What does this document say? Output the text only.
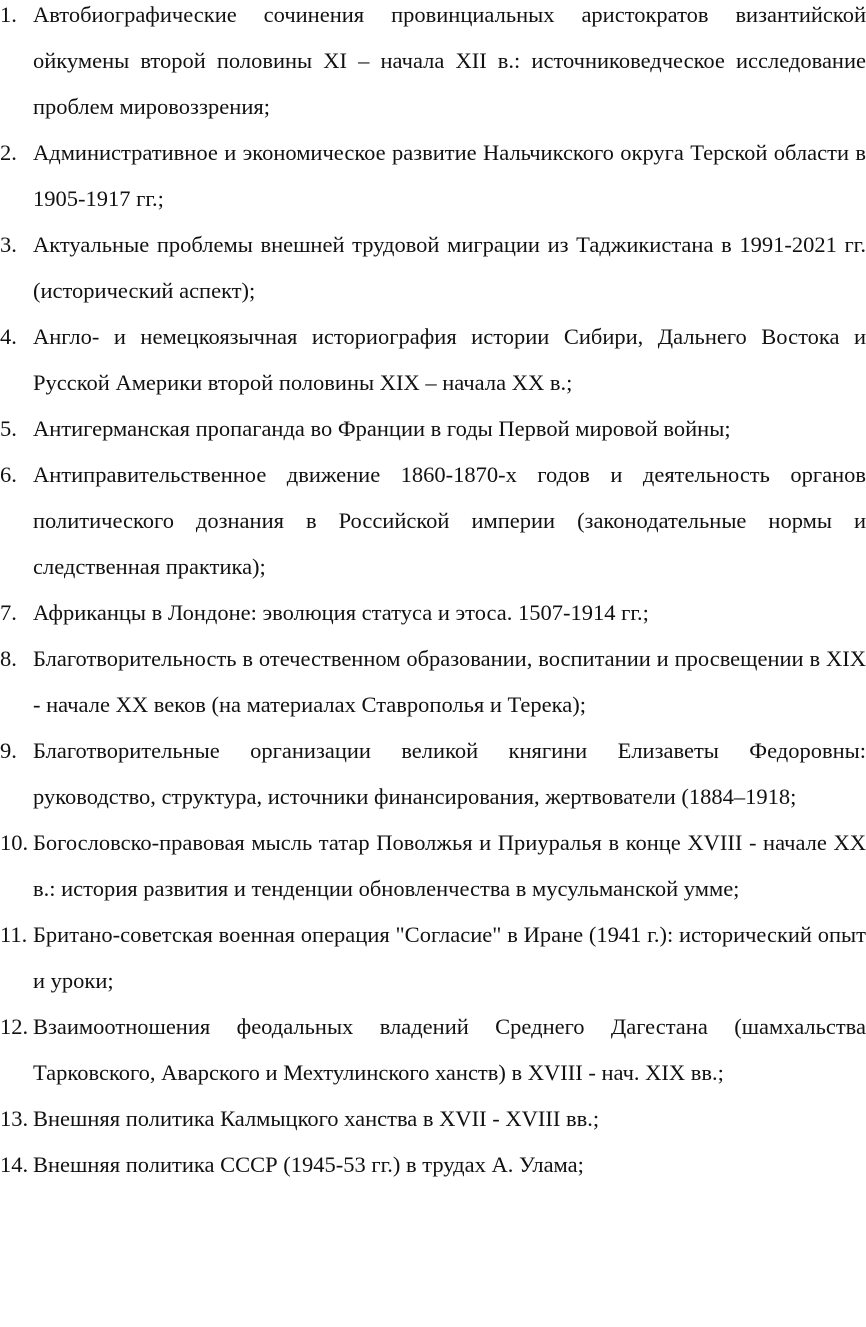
1. Автобиографические сочинения провинциальных аристократов византийской ойкумены второй половины XI – начала XII в.: источниковедческое исследование проблем мировоззрения;
2. Административное и экономическое развитие Нальчикского округа Терской области в 1905-1917 гг.;
3. Актуальные проблемы внешней трудовой миграции из Таджикистана в 1991-2021 гг. (исторический аспект);
4. Англо- и немецкоязычная историография истории Сибири, Дальнего Востока и Русской Америки второй половины XIX – начала XX в.;
5. Антигерманская пропаганда во Франции в годы Первой мировой войны;
6. Антиправительственное движение 1860-1870-х годов и деятельность органов политического дознания в Российской империи (законодательные нормы и следственная практика);
7. Африканцы в Лондоне: эволюция статуса и этоса. 1507-1914 гг.;
8. Благотворительность в отечественном образовании, воспитании и просвещении в XIX - начале XX веков (на материалах Ставрополья и Терека);
9. Благотворительные организации великой княгини Елизаветы Федоровны: руководство, структура, источники финансирования, жертвователи (1884–1918;
10. Богословско-правовая мысль татар Поволжья и Приуралья в конце XVIII - начале XX в.: история развития и тенденции обновленчества в мусульманской умме;
11. Британо-советская военная операция "Согласие" в Иране (1941 г.): исторический опыт и уроки;
12. Взаимоотношения феодальных владений Среднего Дагестана (шамхальства Тарковского, Аварского и Мехтулинского ханств) в XVIII - нач. XIX вв.;
13. Внешняя политика Калмыцкого ханства в XVII - XVIII вв.;
14. Внешняя политика СССР (1945-53 гг.) в трудах А. Улама;
